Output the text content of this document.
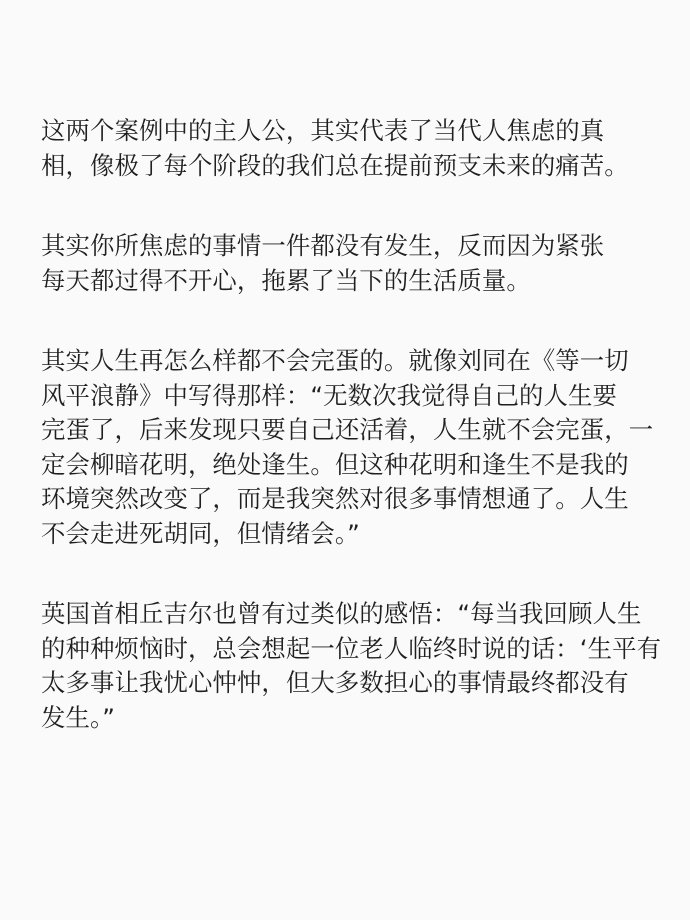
这两个案例中的主人公，其实代表了当代人焦虑的真
相，像极了每个阶段的我们总在提前预支未来的痛苦。

其实你所焦虑的事情一件都没有发生，反而因为紧张
每天都过得不开心，拖累了当下的生活质量。

其实人生再怎么样都不会完蛋的。就像刘同在《等一切
风平浪静》中写得那样：“无数次我觉得自己的人生要
完蛋了，后来发现只要自己还活着，人生就不会完蛋，一
定会柳暗花明，绝处逢生。但这种花明和逢生不是我的
环境突然改变了，而是我突然对很多事情想通了。人生
不会走进死胡同，但情绪会。”

英国首相丘吉尔也曾有过类似的感悟：“每当我回顾人生
的种种烦恼时，总会想起一位老人临终时说的话：‘生平有
太多事让我忧心忡忡，但大多数担心的事情最终都没有
发生。”
